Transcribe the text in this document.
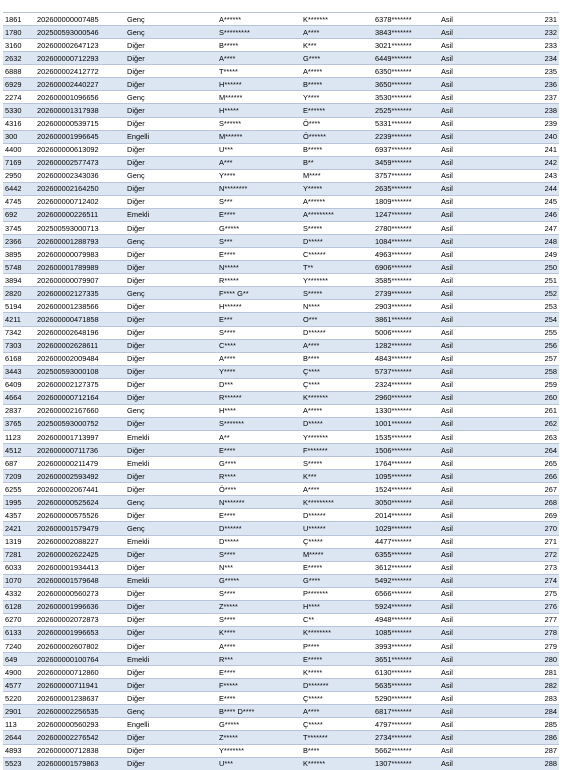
1861	202600000007485	Genç	A******	K*******	6378*******	Asil	231
1780	202500593000546	Genç	S*********	A****	3843*******	Asil	232
3160	202600002647123	Diğer	B*****	K***	3021*******	Asil	233
2632	202600000712293	Diğer	A****	G****	6449*******	Asil	234
6888	202600002412772	Diğer	T*****	A*****	6350*******	Asil	235
6929	202600002440227	Diğer	H******	B*****	3650*******	Asil	236
2274	202600001096656	Genç	M******	Y****	3530*******	Asil	237
5330	202600001317938	Diğer	H*****	E******	2525*******	Asil	238
4316	202600000539715	Diğer	S******	Ö****	5331*******	Asil	239
300	202600001996645	Engelli	M******	Ö******	2239*******	Asil	240
4400	202600000613092	Diğer	U***	B*****	6937*******	Asil	241
7169	202600002577473	Diğer	A***	B**	3459*******	Asil	242
2950	202600002343036	Genç	Y****	M****	3757*******	Asil	243
6442	202600002164250	Diğer	N********	Y*****	2635*******	Asil	244
4745	202600000712402	Diğer	S***	A******	1809*******	Asil	245
692	202600000226511	Emekli	E****	A*********	1247*******	Asil	246
3745	202500593000713	Diğer	G*****	S*****	2780*******	Asil	247
2366	202600001288793	Genç	S***	D*****	1084*******	Asil	248
3895	202600000079983	Diğer	E****	C******	4963*******	Asil	249
5748	202600001789989	Diğer	N*****	T**	6906*******	Asil	250
3894	202600000079907	Diğer	R*****	Y*******	3585*******	Asil	251
2820	202600002127335	Genç	F**** G**	S*****	2739*******	Asil	252
5194	202600001238566	Diğer	H******	N****	2903*******	Asil	253
4211	202600000471858	Diğer	E***	O***	3861*******	Asil	254
7342	202600002648196	Diğer	S****	D******	5006*******	Asil	255
7303	202600002628611	Diğer	C****	A****	1282*******	Asil	256
6168	202600002009484	Diğer	A****	B****	4843*******	Asil	257
3443	202500593000108	Diğer	Y****	Ç****	5737*******	Asil	258
6409	202600002127375	Diğer	D***	Ç****	2324*******	Asil	259
4664	202600000712164	Diğer	R******	K*******	2960*******	Asil	260
2837	202600002167660	Genç	H****	A*****	1330*******	Asil	261
3765	202500593000752	Diğer	S*******	D*****	1001*******	Asil	262
1123	202600001713997	Emekli	A**	Y*******	1535*******	Asil	263
4512	202600000711736	Diğer	E****	F*******	1506*******	Asil	264
687	202600000211479	Emekli	G****	S*****	1764*******	Asil	265
7209	202600002593492	Diğer	R****	K***	1095*******	Asil	266
6255	202600002067441	Diğer	Ö****	A****	1524*******	Asil	267
1995	202600000525624	Genç	N*******	K*********	3050*******	Asil	268
4357	202600000575526	Diğer	E****	D******	2014*******	Asil	269
2421	202600001579479	Genç	D******	U******	1029*******	Asil	270
1319	202600002088227	Emekli	D*****	Ç*****	4477*******	Asil	271
7281	202600002622425	Diğer	S****	M*****	6355*******	Asil	272
6033	202600001934413	Diğer	N***	E*****	3612*******	Asil	273
1070	202600001579648	Emekli	G*****	G****	5492*******	Asil	274
4332	202600000560273	Diğer	S****	P*******	6566*******	Asil	275
6128	202600001996636	Diğer	Z*****	H****	5924*******	Asil	276
6270	202600002072873	Diğer	S****	C**	4948*******	Asil	277
6133	202600001996653	Diğer	K****	K********	1085*******	Asil	278
7240	202600002607802	Diğer	A****	P****	3993*******	Asil	279
649	202600000100764	Emekli	R***	E*****	3651*******	Asil	280
4900	202600000712860	Diğer	E****	K*****	6130*******	Asil	281
4577	202600000711941	Diğer	F*****	D*******	5635*******	Asil	282
5220	202600001238637	Diğer	E****	Ç*****	5290*******	Asil	283
2901	202600002256535	Genç	B**** D****	A****	6817*******	Asil	284
113	202600000560293	Engelli	G*****	Ç*****	4797*******	Asil	285
2644	202600002276542	Diğer	Z*****	T*******	2734*******	Asil	286
4893	202600000712838	Diğer	Y*******	B****	5662*******	Asil	287
5523	202600001579863	Diğer	U***	K******	1307*******	Asil	288
